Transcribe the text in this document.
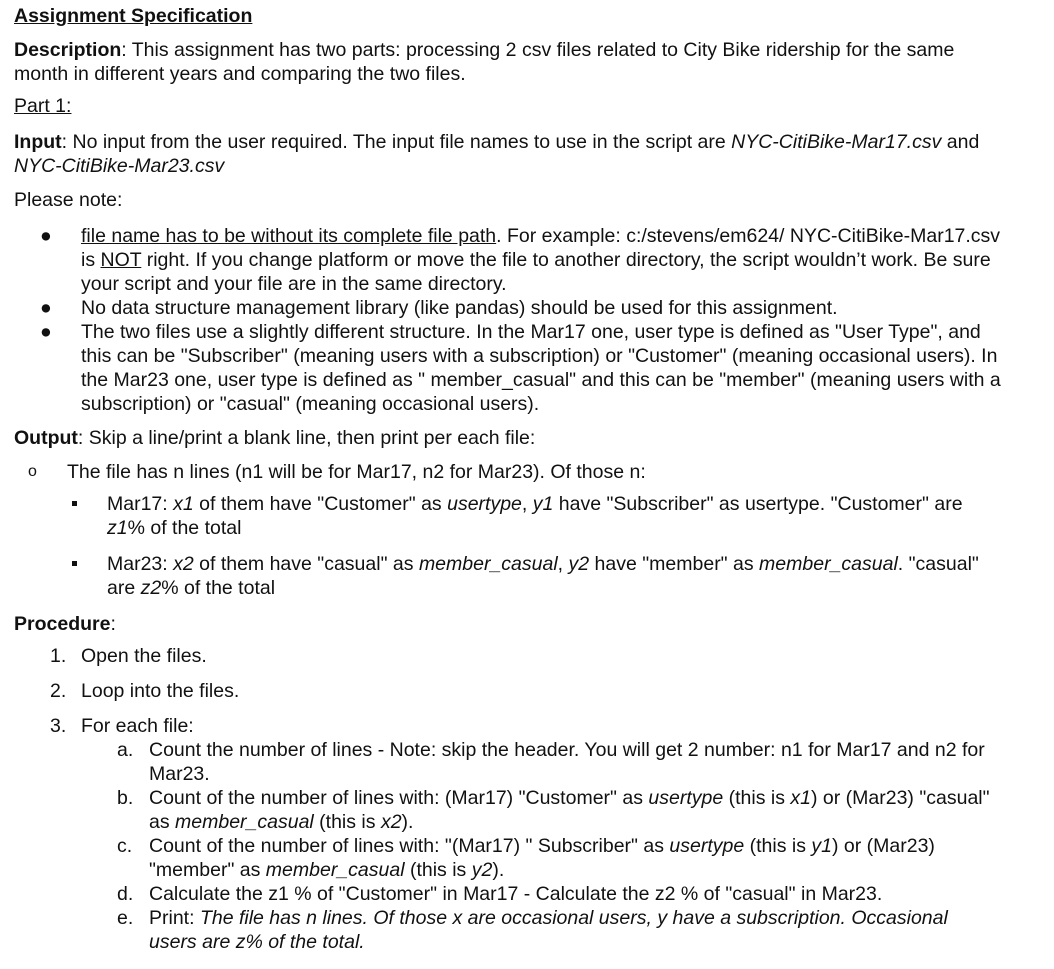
Assignment Specification
Description: This assignment has two parts: processing 2 csv files related to City Bike ridership for the same month in different years and comparing the two files.
Part 1:
Input: No input from the user required. The input file names to use in the script are NYC-CitiBike-Mar17.csv and NYC-CitiBike-Mar23.csv
Please note:
● file name has to be without its complete file path. For example: c:/stevens/em624/ NYC-CitiBike-Mar17.csv is NOT right. If you change platform or move the file to another directory, the script wouldn’t work. Be sure your script and your file are in the same directory.
● No data structure management library (like pandas) should be used for this assignment.
● The two files use a slightly different structure. In the Mar17 one, user type is defined as "User Type", and this can be "Subscriber" (meaning users with a subscription) or "Customer" (meaning occasional users). In the Mar23 one, user type is defined as " member_casual" and this can be "member" (meaning users with a subscription) or "casual" (meaning occasional users).
Output: Skip a line/print a blank line, then print per each file:
o The file has n lines (n1 will be for Mar17, n2 for Mar23). Of those n:
Mar17: x1 of them have "Customer" as usertype, y1 have "Subscriber" as usertype. "Customer" are z1% of the total
Mar23: x2 of them have "casual" as member_casual, y2 have "member" as member_casual. "casual" are z2% of the total
Procedure:
1. Open the files.
2. Loop into the files.
3. For each file:
a. Count the number of lines - Note: skip the header. You will get 2 number: n1 for Mar17 and n2 for Mar23.
b. Count of the number of lines with: (Mar17) "Customer" as usertype (this is x1) or (Mar23) "casual" as member_casual (this is x2).
c. Count of the number of lines with: "(Mar17) " Subscriber" as usertype (this is y1) or (Mar23) "member" as member_casual (this is y2).
d. Calculate the z1 % of "Customer" in Mar17 - Calculate the z2 % of "casual" in Mar23.
e. Print: The file has n lines. Of those x are occasional users, y have a subscription. Occasional users are z% of the total.
